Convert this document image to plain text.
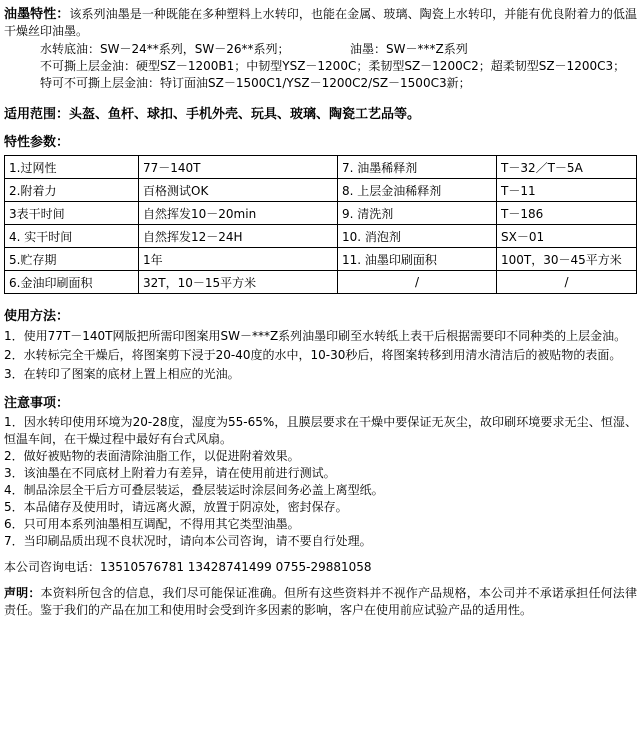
油墨特性：该系列油墨是一种既能在多种塑料上水转印，也能在金属、玻璃、陶瓷上水转印，并能有优良附着力的低温干燥丝印油墨。
水转底油：SW－24**系列，SW－26**系列；	油墨：SW－***Z系列
不可撕上层金油：硬型SZ－1200B1；中韧型YSZ－1200C；柔韧型SZ－1200C2；超柔韧型SZ－1200C3；
特可不可撕上层金油：特订面油SZ－1500C1/YSZ－1200C2/SZ－1500C3新；
适用范围：头盔、鱼杆、球扣、手机外壳、玩具、玻璃、陶瓷工艺品等。
特性参数：
1.过网性	77－140T	7. 油墨稀释剂	T－32／T－5A
2.附着力	百格测试OK	8. 上层金油稀释剂	T－11
3表干时间	自然挥发10－20min	9. 清洗剂	T－186
4. 实干时间	自然挥发12－24H	10. 消泡剂	SX－01
5.贮存期	1年	11. 油墨印刷面积	100T，30－45平方米
6.金油印刷面积	32T，10－15平方米	/	/
使用方法：
1．使用77T－140T网版把所需印图案用SW－***Z系列油墨印刷至水转纸上表干后根据需要印不同种类的上层金油。
2．水转标完全干燥后，将图案剪下浸于20-40度的水中，10-30秒后，将图案转移到用清水清洁后的被贴物的表面。
3．在转印了图案的底材上置上相应的光油。
注意事项：
1．因水转印使用环境为20-28度，湿度为55-65%，且膜层要求在干燥中要保证无灰尘，故印刷环境要求无尘、恒湿、恒温车间，在干燥过程中最好有台式风扇。
2．做好被贴物的表面清除油脂工作，以促进附着效果。
3．该油墨在不同底材上附着力有差异，请在使用前进行测试。
4．制品涂层全干后方可叠层装运，叠层装运时涂层间务必盖上离型纸。
5．本品储存及使用时，请远离火源，放置于阴凉处，密封保存。
6．只可用本系列油墨相互调配，不得用其它类型油墨。
7．当印刷品质出现不良状况时，请向本公司咨询，请不要自行处理。
本公司咨询电话：13510576781 13428741499 0755-29881058
声明：本资料所包含的信息，我们尽可能保证准确。但所有这些资料并不视作产品规格，本公司并不承诺承担任何法律责任。鉴于我们的产品在加工和使用时会受到许多因素的影响，客户在使用前应试验产品的适用性。
